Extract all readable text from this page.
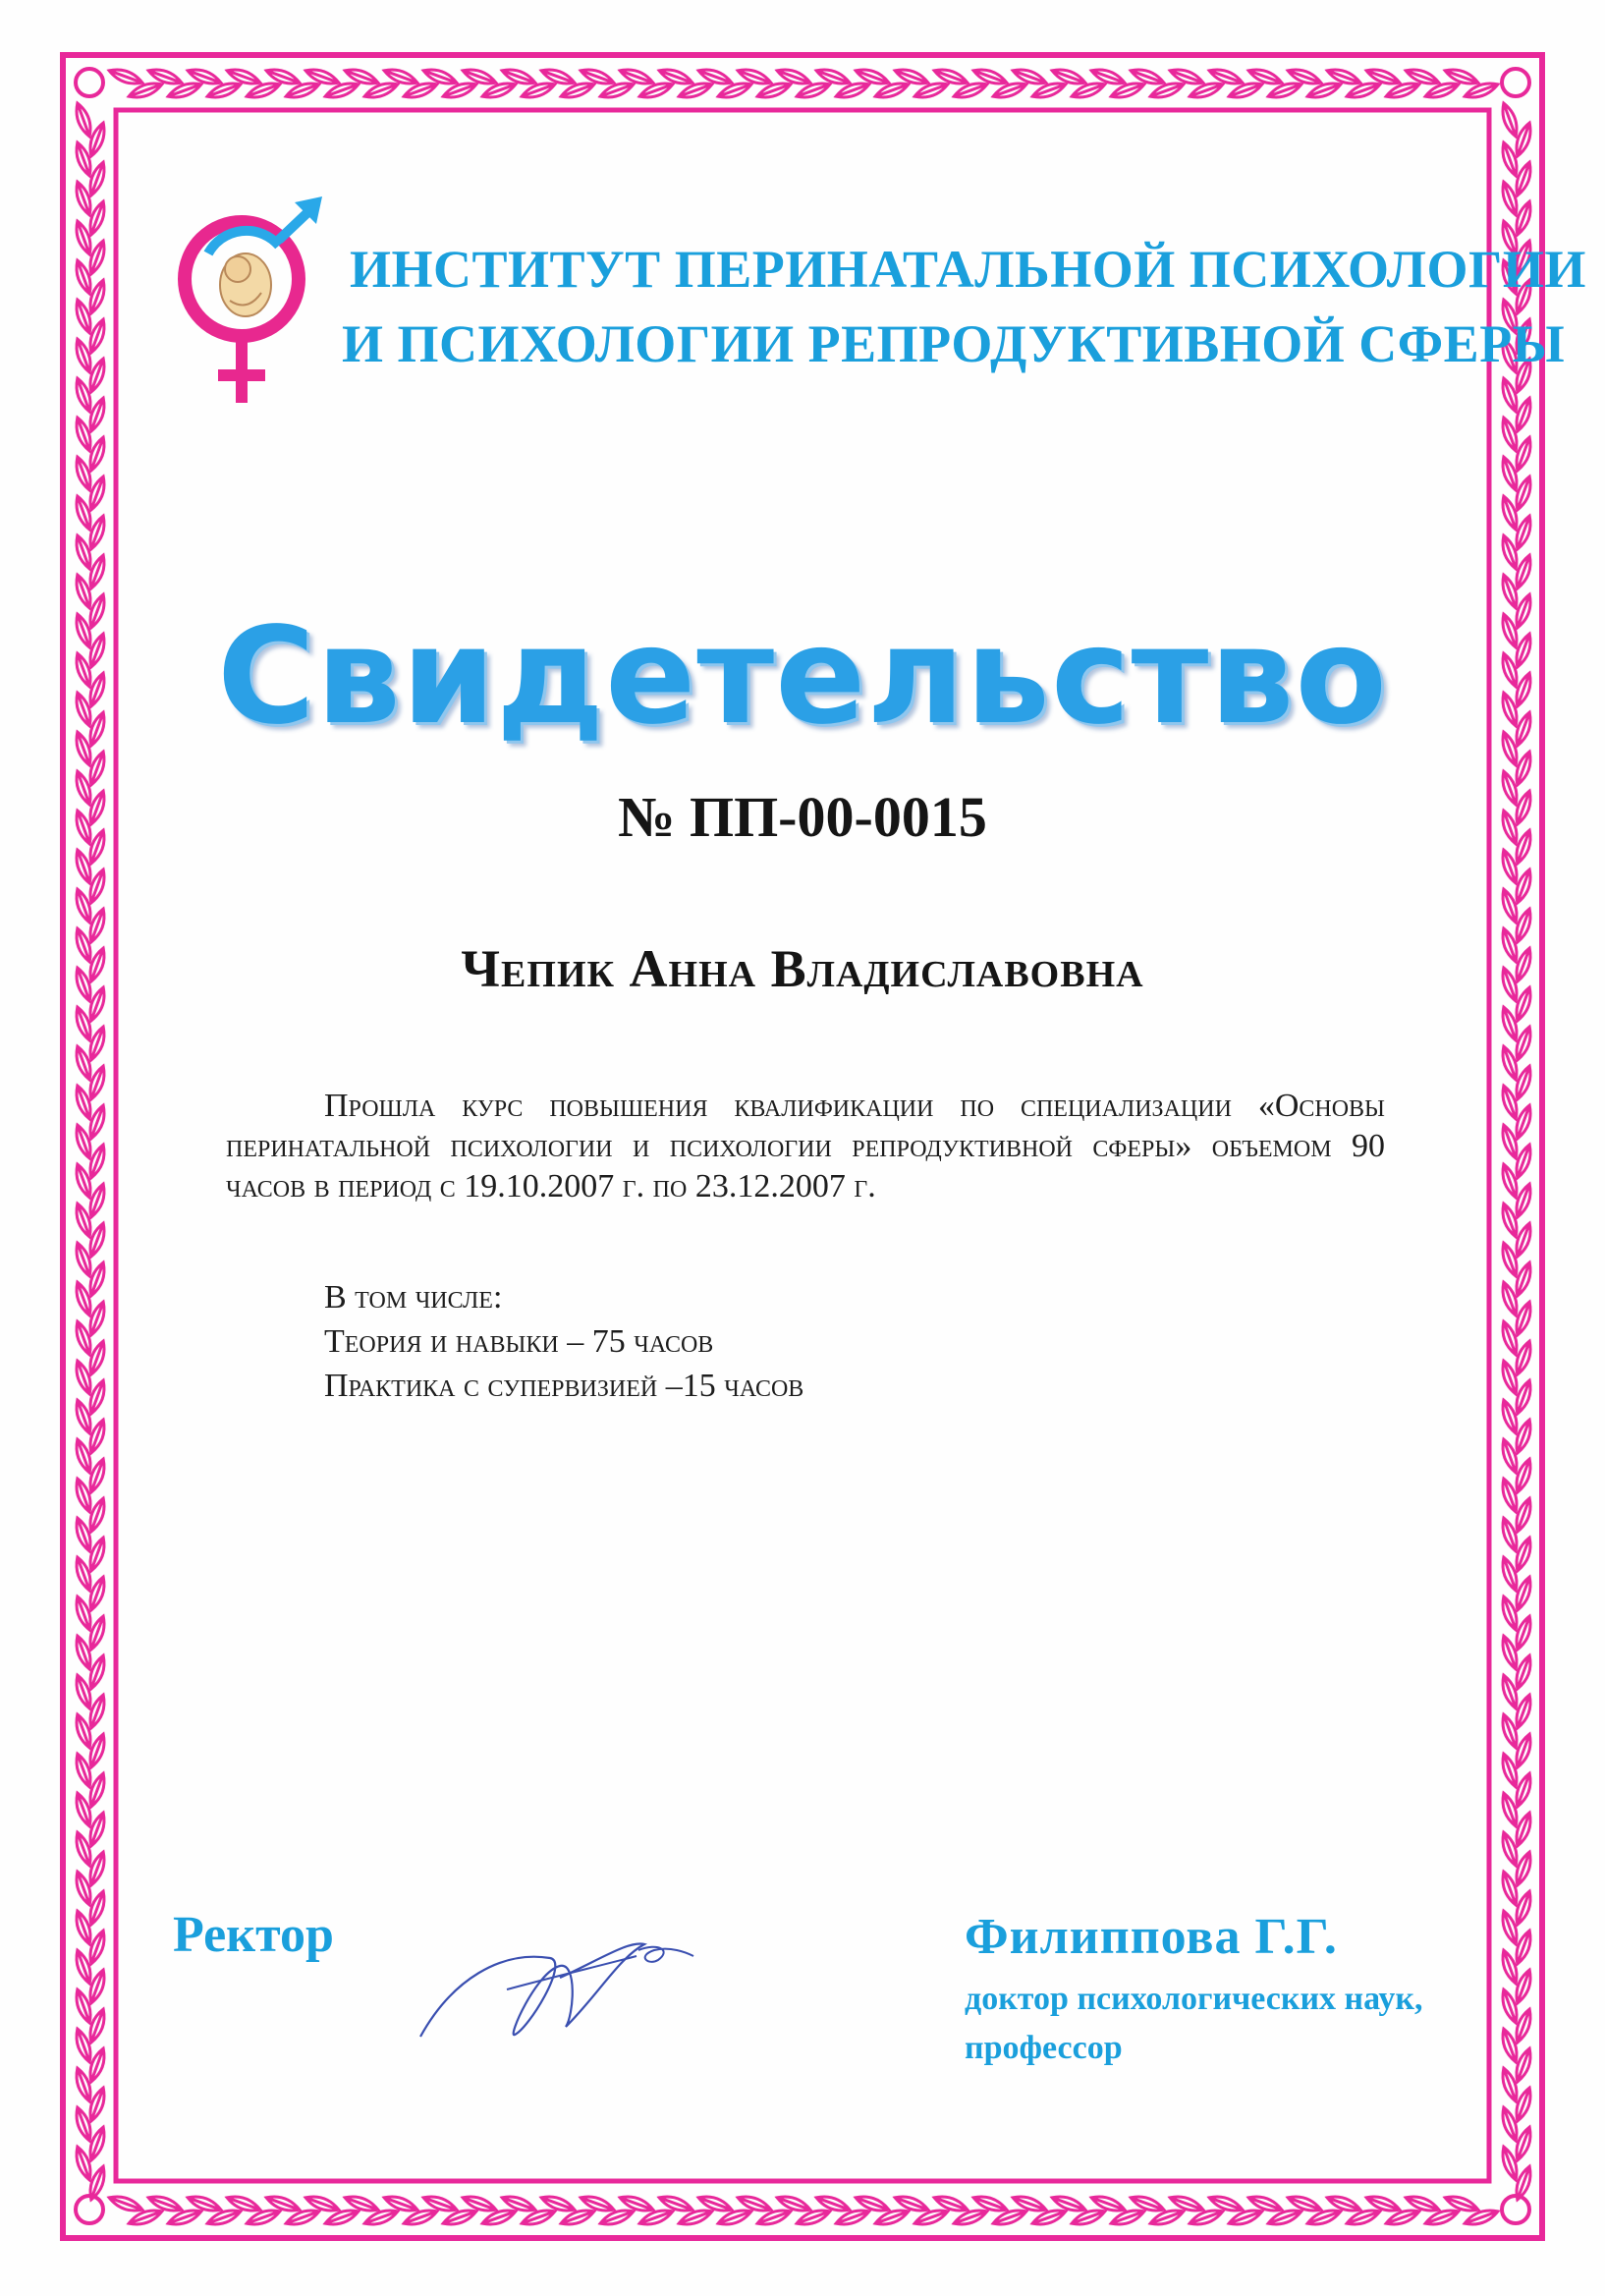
ИНСТИТУТ ПЕРИНАТАЛЬНОЙ ПСИХОЛОГИИ
И ПСИХОЛОГИИ РЕПРОДУКТИВНОЙ СФЕРЫ
Свидетельство
№ ПП-00-0015
Чепик Анна Владиславовна
Прошла курс повышения квалификации по специализации «Основы перинатальной психологии и психологии репродуктивной сферы» объемом 90 часов в период с 19.10.2007 г. по 23.12.2007 г.
В том числе:
Теория и навыки – 75 часов
Практика с супервизией –15 часов
Ректор	Филиппова Г.Г.
доктор психологических наук,
профессор
